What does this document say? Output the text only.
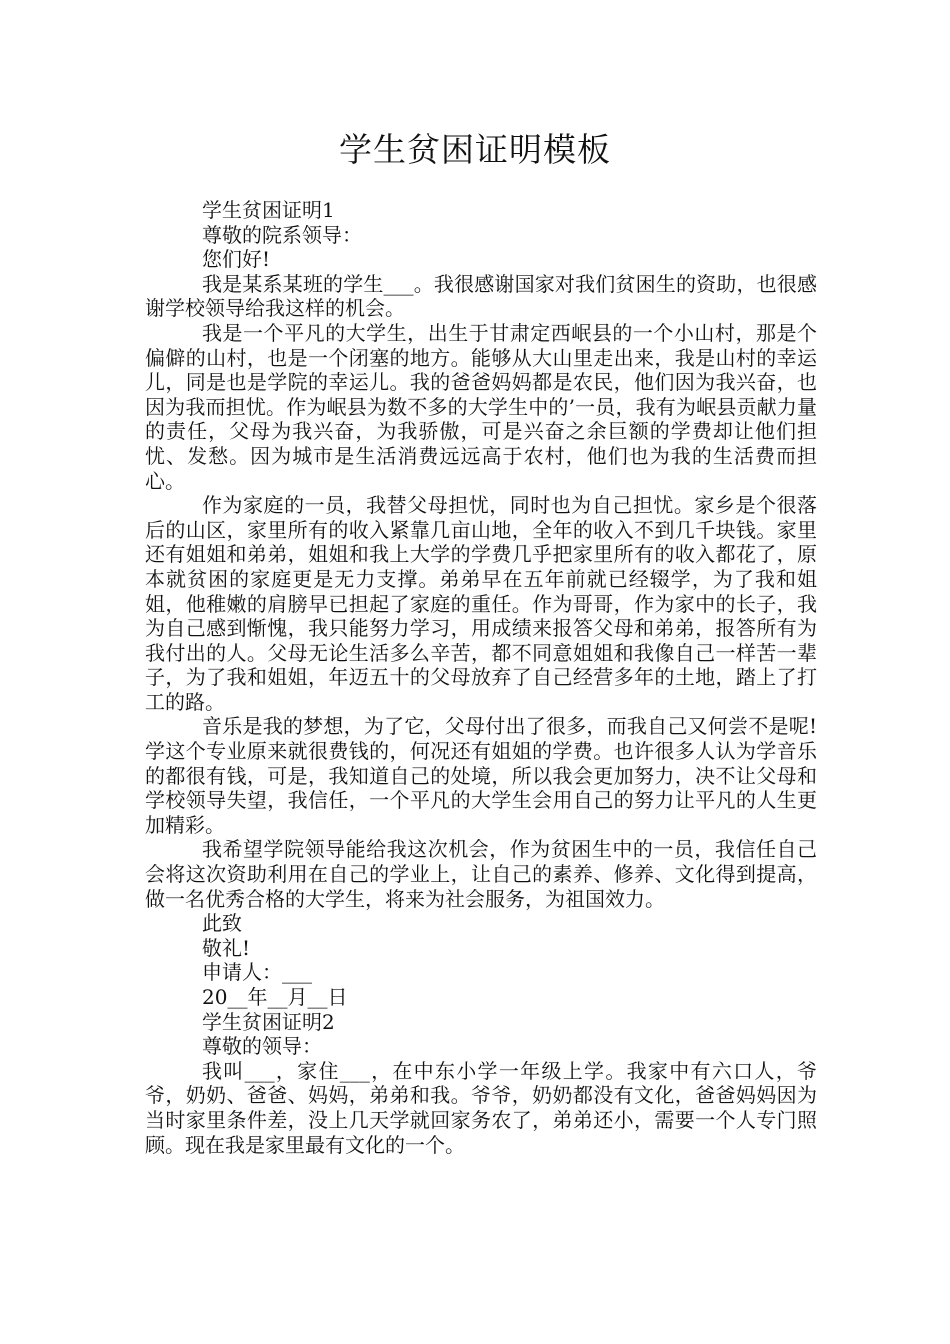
学生贫困证明模板

学生贫困证明1

尊敬的院系领导：

您们好!

我是某系某班的学生___。我很感谢国家对我们贫困生的资助，也很感谢学校领导给我这样的机会。

我是一个平凡的大学生，出生于甘肃定西岷县的一个小山村，那是个偏僻的山村，也是一个闭塞的地方。能够从大山里走出来，我是山村的幸运儿，同是也是学院的幸运儿。我的爸爸妈妈都是农民，他们因为我兴奋，也因为我而担忧。作为岷县为数不多的大学生中的’一员，我有为岷县贡献力量的责任，父母为我兴奋，为我骄傲，可是兴奋之余巨额的学费却让他们担忧、发愁。因为城市是生活消费远远高于农村，他们也为我的生活费而担心。

作为家庭的一员，我替父母担忧，同时也为自己担忧。家乡是个很落后的山区，家里所有的收入紧靠几亩山地，全年的收入不到几千块钱。家里还有姐姐和弟弟，姐姐和我上大学的学费几乎把家里所有的收入都花了，原本就贫困的家庭更是无力支撑。弟弟早在五年前就已经辍学，为了我和姐姐，他稚嫩的肩膀早已担起了家庭的重任。作为哥哥，作为家中的长子，我为自己感到惭愧，我只能努力学习，用成绩来报答父母和弟弟，报答所有为我付出的人。父母无论生活多么辛苦，都不同意姐姐和我像自己一样苦一辈子，为了我和姐姐，年迈五十的父母放弃了自己经营多年的土地，踏上了打工的路。

音乐是我的梦想，为了它，父母付出了很多，而我自己又何尝不是呢!学这个专业原来就很费钱的，何况还有姐姐的学费。也许很多人认为学音乐的都很有钱，可是，我知道自己的处境，所以我会更加努力，决不让父母和学校领导失望，我信任，一个平凡的大学生会用自己的努力让平凡的人生更加精彩。

我希望学院领导能给我这次机会，作为贫困生中的一员，我信任自己会将这次资助利用在自己的学业上，让自己的素养、修养、文化得到提高，做一名优秀合格的大学生，将来为社会服务，为祖国效力。

此致

敬礼!

申请人：___

20__年__月__日

学生贫困证明2

尊敬的领导：

我叫___，家住___，在中东小学一年级上学。我家中有六口人，爷爷，奶奶、爸爸、妈妈，弟弟和我。爷爷，奶奶都没有文化，爸爸妈妈因为当时家里条件差，没上几天学就回家务农了，弟弟还小，需要一个人专门照顾。现在我是家里最有文化的一个。
